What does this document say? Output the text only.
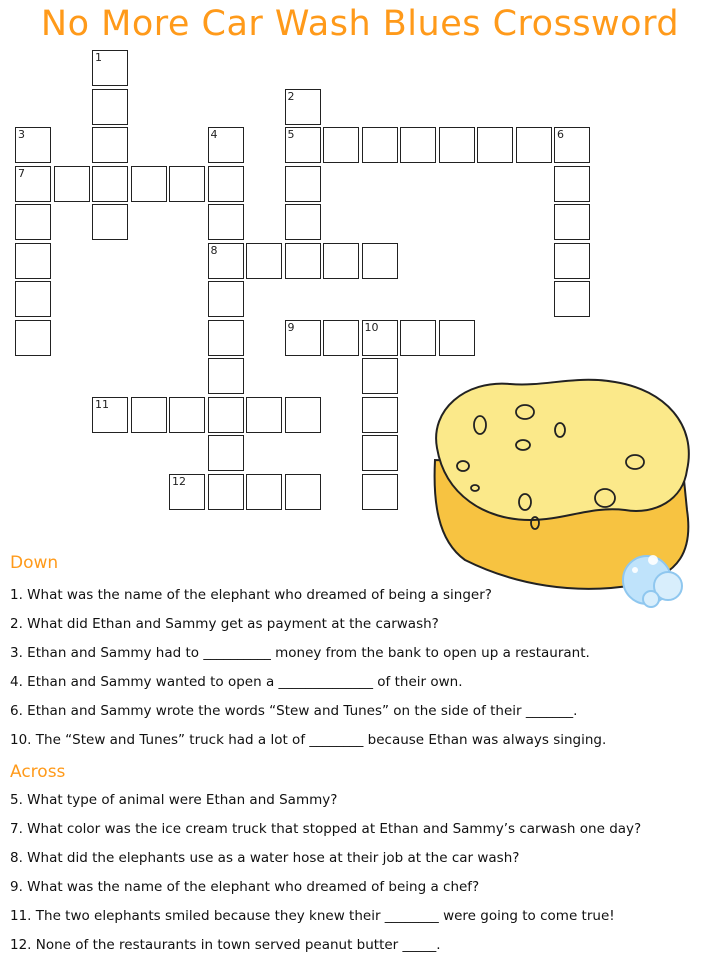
No More Car Wash Blues Crossword
1
2
5
3
7
4
8
6
10
9
11
12
Down
1. What was the name of the elephant who dreamed of being a singer?
2. What did Ethan and Sammy get as payment at the carwash?
3. Ethan and Sammy had to __________ money from the bank to open up a restaurant.
4. Ethan and Sammy wanted to open a ______________ of their own.
6. Ethan and Sammy wrote the words “Stew and Tunes” on the side of their _______.
10. The “Stew and Tunes” truck had a lot of ________ because Ethan was always singing.
Across
5. What type of animal were Ethan and Sammy?
7. What color was the ice cream truck that stopped at Ethan and Sammy’s carwash one day?
8. What did the elephants use as a water hose at their job at the car wash?
9. What was the name of the elephant who dreamed of being a chef?
11. The two elephants smiled because they knew their ________ were going to come true!
12. None of the restaurants in town served peanut butter _____.
